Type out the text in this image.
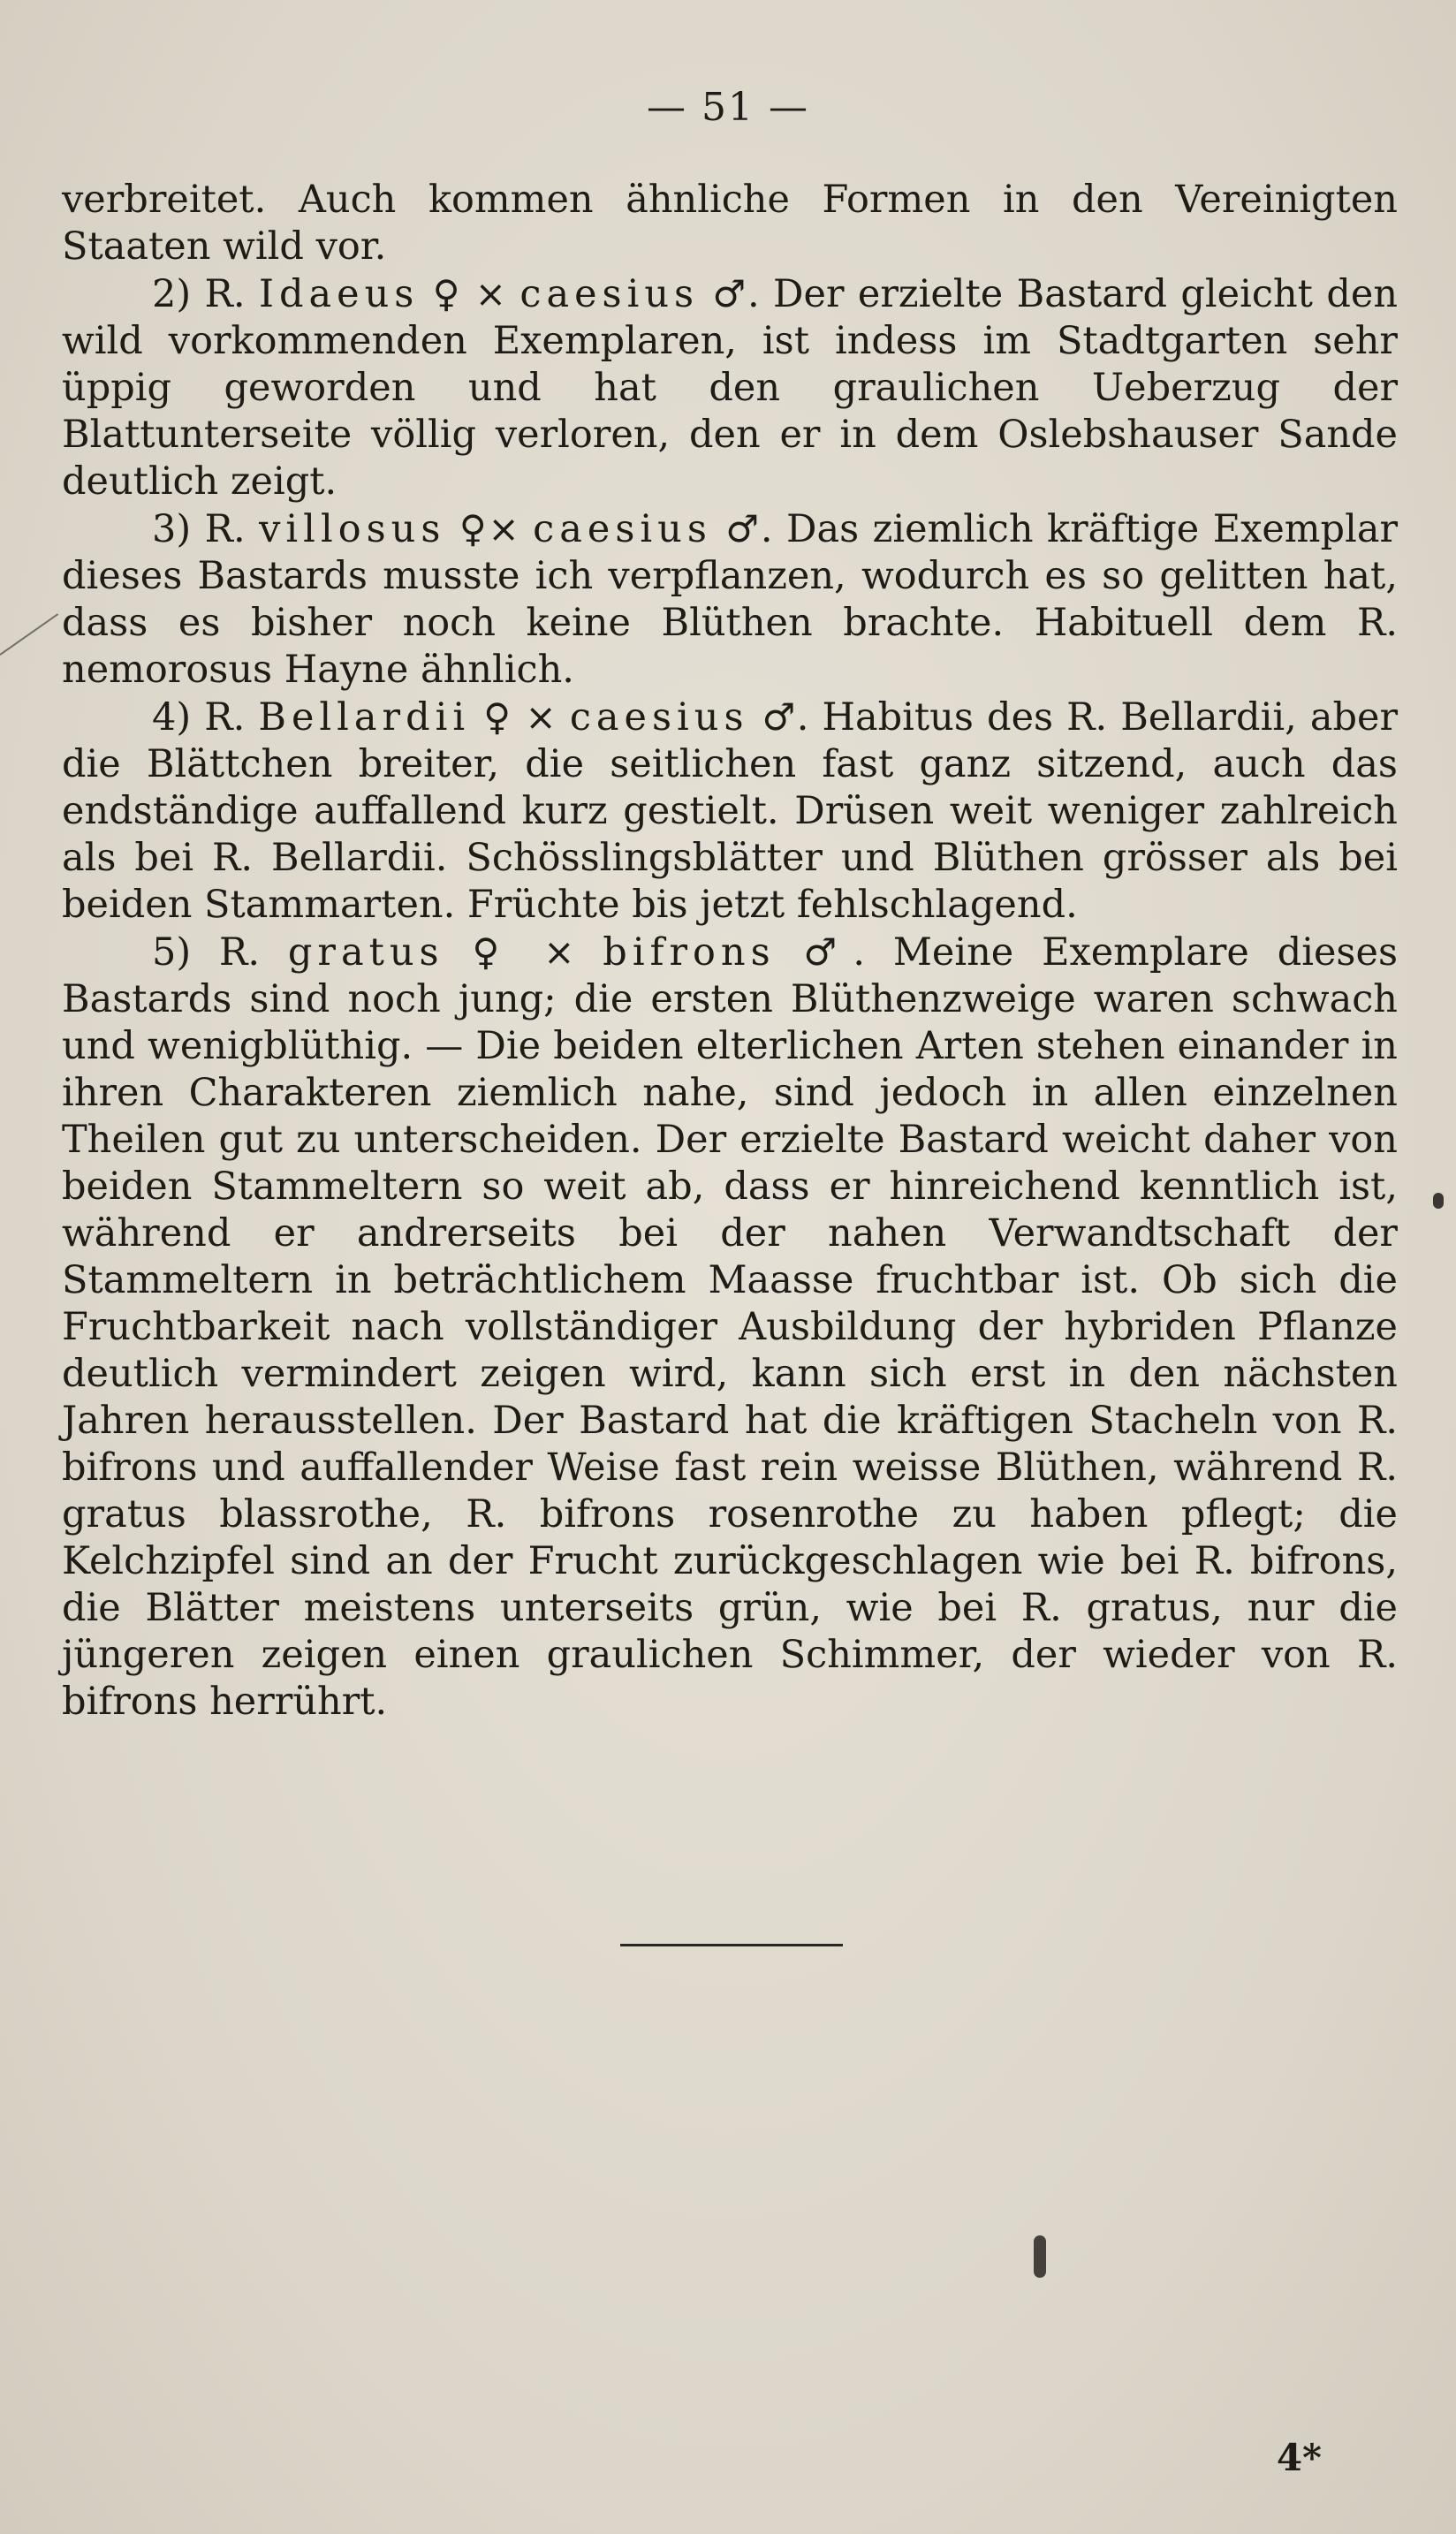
— 51 —

verbreitet. Auch kommen ähnliche Formen in den Vereinigten Staaten wild vor.

2) R. Idaeus ♀ × caesius ♂. Der erzielte Bastard gleicht den wild vorkommenden Exemplaren, ist indess im Stadtgarten sehr üppig geworden und hat den graulichen Ueberzug der Blattunterseite völlig verloren, den er in dem Oslebshauser Sande deutlich zeigt.

3) R. villosus ♀× caesius ♂. Das ziemlich kräftige Exemplar dieses Bastards musste ich verpflanzen, wodurch es so gelitten hat, dass es bisher noch keine Blüthen brachte. Habituell dem R. nemorosus Hayne ähnlich.

4) R. Bellardii ♀ × caesius ♂. Habitus des R. Bellardii, aber die Blättchen breiter, die seitlichen fast ganz sitzend, auch das endständige auffallend kurz gestielt. Drüsen weit weniger zahlreich als bei R. Bellardii. Schösslingsblätter und Blüthen grösser als bei beiden Stammarten. Früchte bis jetzt fehlschlagend.

5) R. gratus ♀ × bifrons ♂. Meine Exemplare dieses Bastards sind noch jung; die ersten Blüthenzweige waren schwach und wenigblüthig. — Die beiden elterlichen Arten stehen einander in ihren Charakteren ziemlich nahe, sind jedoch in allen einzelnen Theilen gut zu unterscheiden. Der erzielte Bastard weicht daher von beiden Stammeltern so weit ab, dass er hinreichend kenntlich ist, während er andrerseits bei der nahen Verwandtschaft der Stammeltern in beträchtlichem Maasse fruchtbar ist. Ob sich die Fruchtbarkeit nach vollständiger Ausbildung der hybriden Pflanze deutlich vermindert zeigen wird, kann sich erst in den nächsten Jahren herausstellen. Der Bastard hat die kräftigen Stacheln von R. bifrons und auffallender Weise fast rein weisse Blüthen, während R. gratus blassrothe, R. bifrons rosenrothe zu haben pflegt; die Kelchzipfel sind an der Frucht zurückgeschlagen wie bei R. bifrons, die Blätter meistens unterseits grün, wie bei R. gratus, nur die jüngeren zeigen einen graulichen Schimmer, der wieder von R. bifrons herrührt.

4*
